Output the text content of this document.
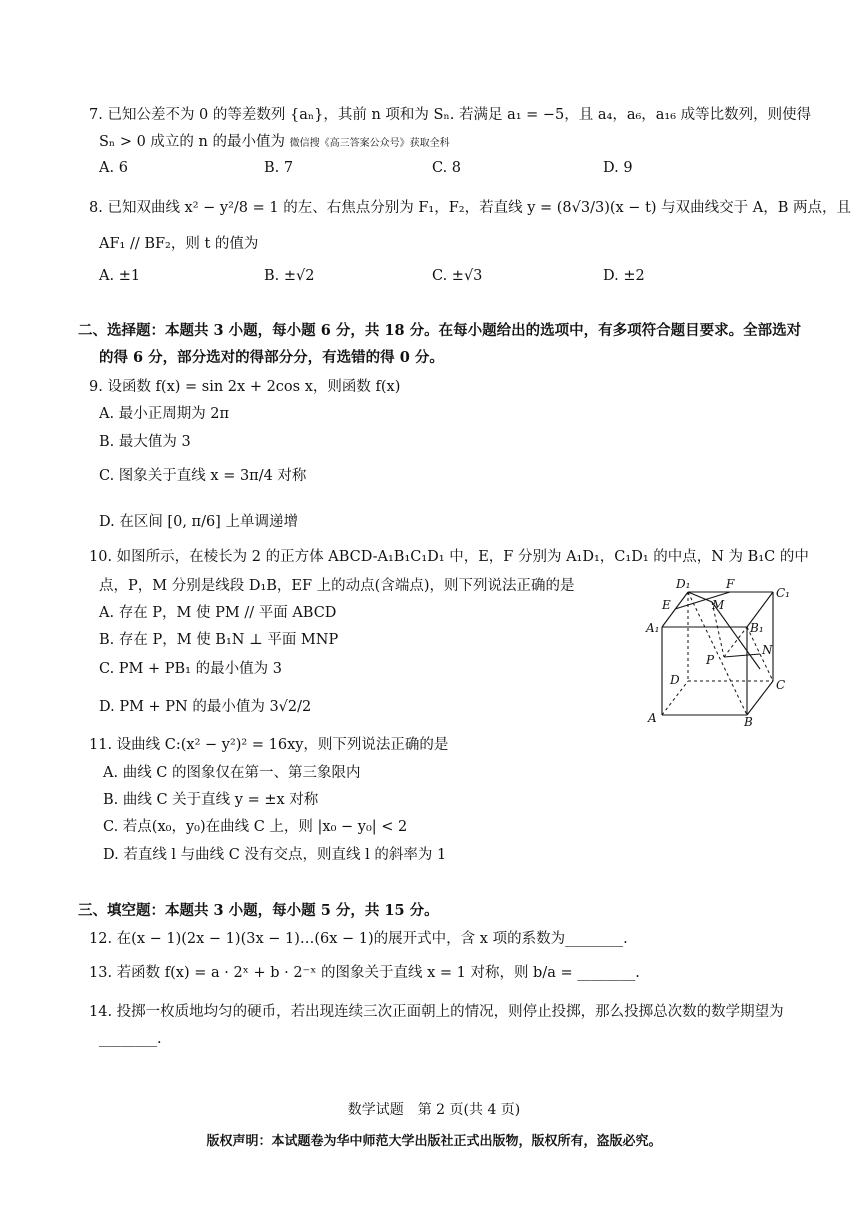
7. 已知公差不为 0 的等差数列 {aₙ}，其前 n 项和为 Sₙ. 若满足 a₁ = −5，且 a₄，a₆，a₁₆ 成等比数列，则使得
Sₙ > 0 成立的 n 的最小值为 微信搜《高三答案公众号》获取全科
A. 6	B. 7	C. 8	D. 9
8. 已知双曲线 x² − y²/8 = 1 的左、右焦点分别为 F₁，F₂，若直线 y = (8√3/3)(x − t) 与双曲线交于 A，B 两点，且
AF₁ // BF₂，则 t 的值为
A. ±1	B. ±√2	C. ±√3	D. ±2
二、选择题：本题共 3 小题，每小题 6 分，共 18 分。在每小题给出的选项中，有多项符合题目要求。全部选对
的得 6 分，部分选对的得部分分，有选错的得 0 分。
9. 设函数 f(x) = sin 2x + 2cos x，则函数 f(x)
A. 最小正周期为 2π
B. 最大值为 3
C. 图象关于直线 x = 3π/4 对称
D. 在区间 [0, π/6] 上单调递增
10. 如图所示，在棱长为 2 的正方体 ABCD-A₁B₁C₁D₁ 中，E，F 分别为 A₁D₁，C₁D₁ 的中点，N 为 B₁C 的中
点，P，M 分别是线段 D₁B，EF 上的动点(含端点)，则下列说法正确的是
A. 存在 P，M 使 PM // 平面 ABCD
B. 存在 P，M 使 B₁N ⊥ 平面 MNP
C. PM + PB₁ 的最小值为 3
D. PM + PN 的最小值为 3√2/2
D₁	F
C₁
E	M
A₁	B₁
N
P
D	C
A	B
11. 设曲线 C:(x² − y²)² = 16xy，则下列说法正确的是
A. 曲线 C 的图象仅在第一、第三象限内
B. 曲线 C 关于直线 y = ±x 对称
C. 若点(x₀，y₀)在曲线 C 上，则 |x₀ − y₀| < 2
D. 若直线 l 与曲线 C 没有交点，则直线 l 的斜率为 1
三、填空题：本题共 3 小题，每小题 5 分，共 15 分。
12. 在(x − 1)(2x − 1)(3x − 1)…(6x − 1)的展开式中，含 x 项的系数为________.
13. 若函数 f(x) = a · 2ˣ + b · 2⁻ˣ 的图象关于直线 x = 1 对称，则 b/a = ________.
14. 投掷一枚质地均匀的硬币，若出现连续三次正面朝上的情况，则停止投掷，那么投掷总次数的数学期望为
________.
数学试题　第 2 页(共 4 页)
版权声明：本试题卷为华中师范大学出版社正式出版物，版权所有，盗版必究。
